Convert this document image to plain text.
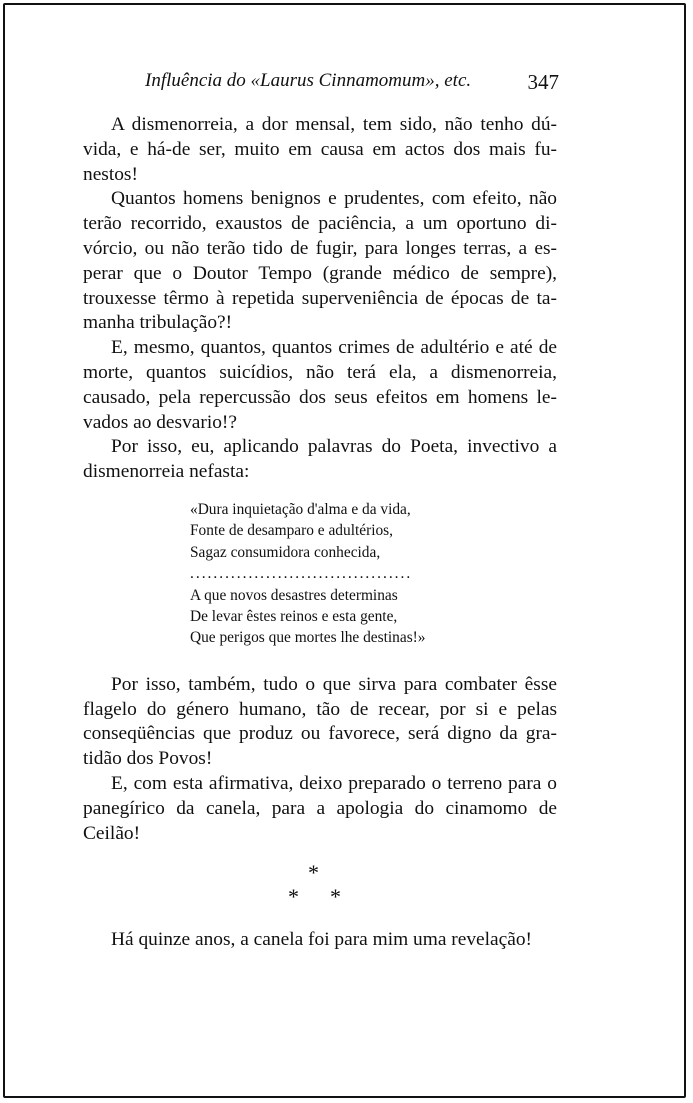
Influência do «Laurus Cinnamomum», etc.	347

A dismenorreia, a dor mensal, tem sido, não tenho dúvida, e há-de ser, muito em causa em actos dos mais funestos!

Quantos homens benignos e prudentes, com efeito, não terão recorrido, exaustos de paciência, a um oportuno divórcio, ou não terão tido de fugir, para longes terras, a esperar que o Doutor Tempo (grande médico de sempre), trouxesse têrmo à repetida superveniência de épocas de tamanha tribulação?!

E, mesmo, quantos, quantos crimes de adultério e até de morte, quantos suicídios, não terá ela, a dismenorreia, causado, pela repercussão dos seus efeitos em homens levados ao desvario!?

Por isso, eu, aplicando palavras do Poeta, invectivo a dismenorreia nefasta:

«Dura inquietação d'alma e da vida,
Fonte de desamparo e adultérios,
Sagaz consumidora conhecida,
......................................
A que novos desastres determinas
De levar êstes reinos e esta gente,
Que perigos que mortes lhe destinas!»

Por isso, também, tudo o que sirva para combater êsse flagelo do género humano, tão de recear, por si e pelas conseqüências que produz ou favorece, será digno da gratidão dos Povos!

E, com esta afirmativa, deixo preparado o terreno para o panegírico da canela, para a apologia do cinamomo de Ceilão!

*
* *

Há quinze anos, a canela foi para mim uma revelação!
